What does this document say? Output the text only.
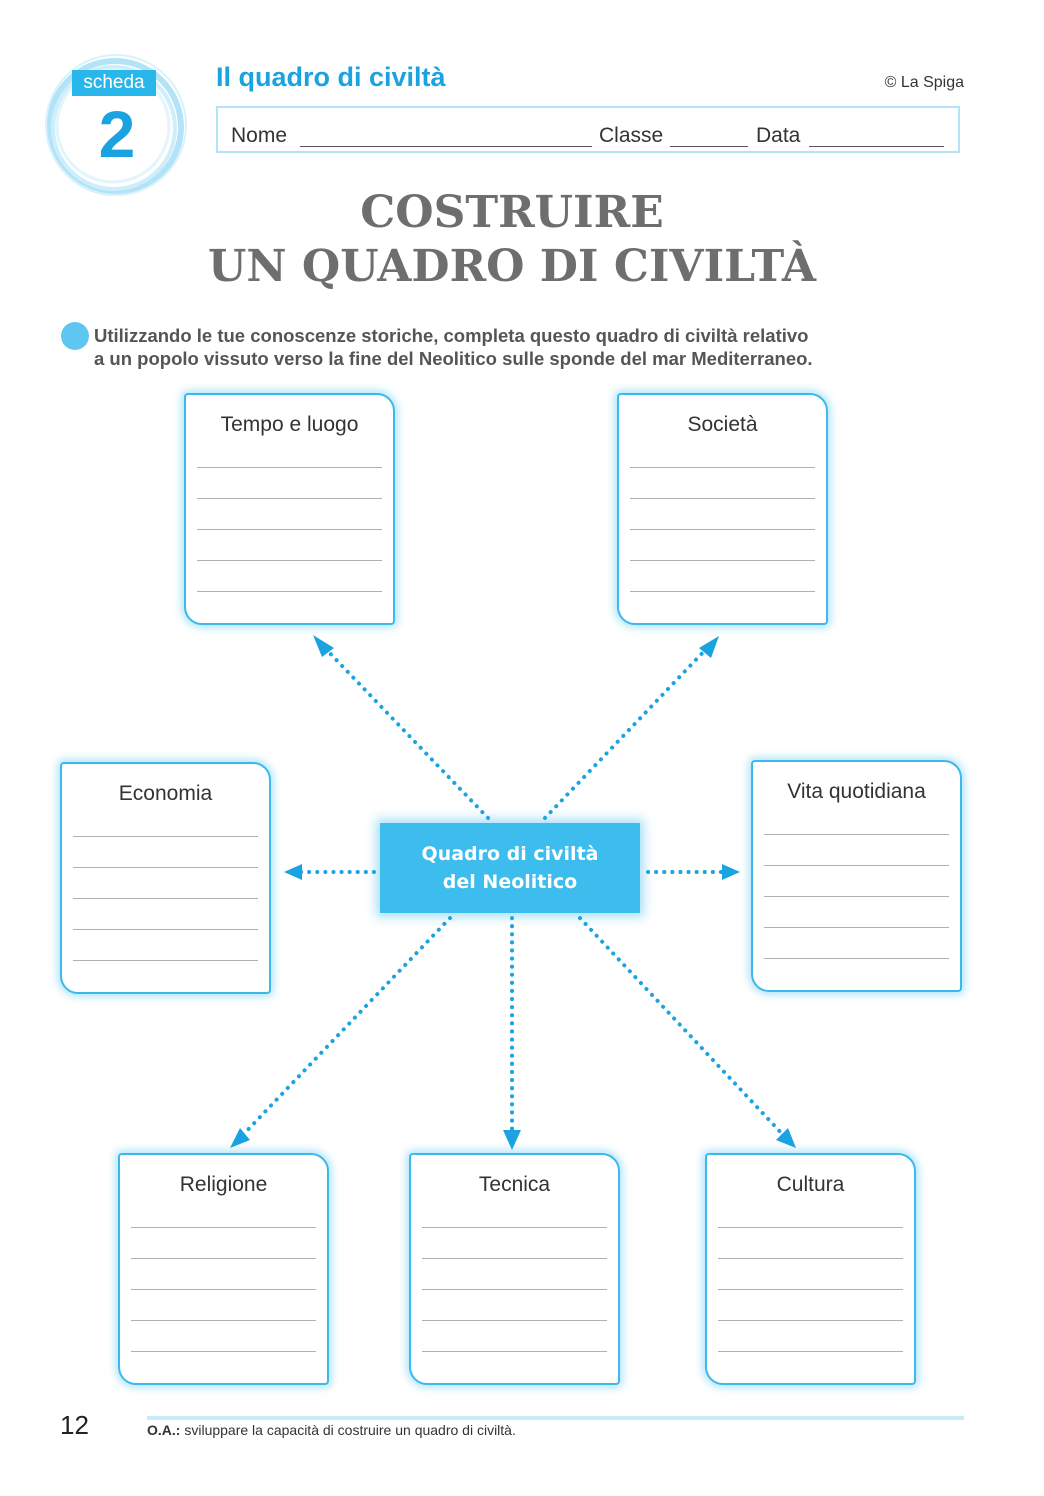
scheda
2
Il quadro di civiltà	© La Spiga
Nome	Classe	Data
COSTRUIRE
UN QUADRO DI CIVILTÀ
Utilizzando le tue conoscenze storiche, completa questo quadro di civiltà relativo
a un popolo vissuto verso la fine del Neolitico sulle sponde del mar Mediterraneo.
Quadro di civiltà
del Neolitico
Tempo e luogo	Società
Economia	Vita quotidiana
Religione	Tecnica	Cultura
12	O.A.: sviluppare la capacità di costruire un quadro di civiltà.
